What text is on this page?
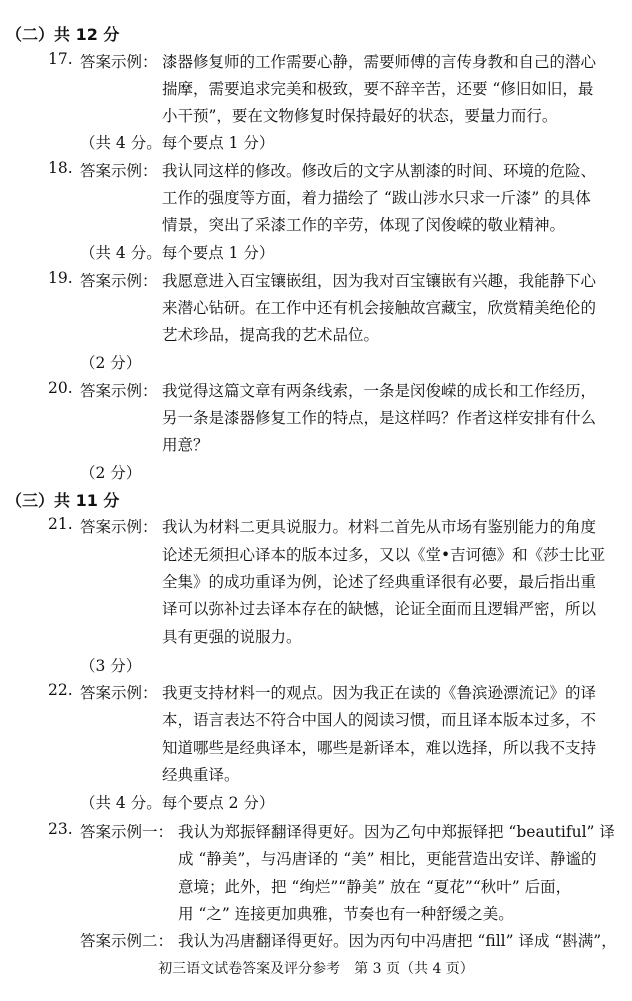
（二）共 12 分
17. 答案示例： 漆器修复师的工作需要心静，需要师傅的言传身教和自己的潜心
揣摩，需要追求完美和极致，要不辞辛苦，还要 “修旧如旧，最
小干预”，要在文物修复时保持最好的状态，要量力而行。
（共 4 分。每个要点 1 分）
18. 答案示例： 我认同这样的修改。修改后的文字从割漆的时间、环境的危险、
工作的强度等方面，着力描绘了 “跋山涉水只求一斤漆” 的具体
情景，突出了采漆工作的辛劳，体现了闵俊嵘的敬业精神。
（共 4 分。每个要点 1 分）
19. 答案示例： 我愿意进入百宝镶嵌组，因为我对百宝镶嵌有兴趣，我能静下心
来潜心钻研。在工作中还有机会接触故宫藏宝，欣赏精美绝伦的
艺术珍品，提高我的艺术品位。
（2 分）
20. 答案示例： 我觉得这篇文章有两条线索，一条是闵俊嵘的成长和工作经历，
另一条是漆器修复工作的特点，是这样吗？作者这样安排有什么
用意？
（2 分）
（三）共 11 分
21. 答案示例： 我认为材料二更具说服力。材料二首先从市场有鉴别能力的角度
论述无须担心译本的版本过多，又以《堂•吉诃德》和《莎士比亚
全集》的成功重译为例，论述了经典重译很有必要，最后指出重
译可以弥补过去译本存在的缺憾，论证全面而且逻辑严密，所以
具有更强的说服力。
（3 分）
22. 答案示例： 我更支持材料一的观点。因为我正在读的《鲁滨逊漂流记》的译
本，语言表达不符合中国人的阅读习惯，而且译本版本过多，不
知道哪些是经典译本，哪些是新译本，难以选择，所以我不支持
经典重译。
（共 4 分。每个要点 2 分）
23. 答案示例一： 我认为郑振铎翻译得更好。因为乙句中郑振铎把 “beautiful” 译
成 “静美”，与冯唐译的 “美” 相比，更能营造出安详、静谧的
意境；此外，把 “绚烂”“静美” 放在 “夏花”“秋叶” 后面，
用 “之” 连接更加典雅，节奏也有一种舒缓之美。
答案示例二： 我认为冯唐翻译得更好。因为丙句中冯唐把 “fill” 译成 “斟满”，
初三语文试卷答案及评分参考　第 3 页（共 4 页）
